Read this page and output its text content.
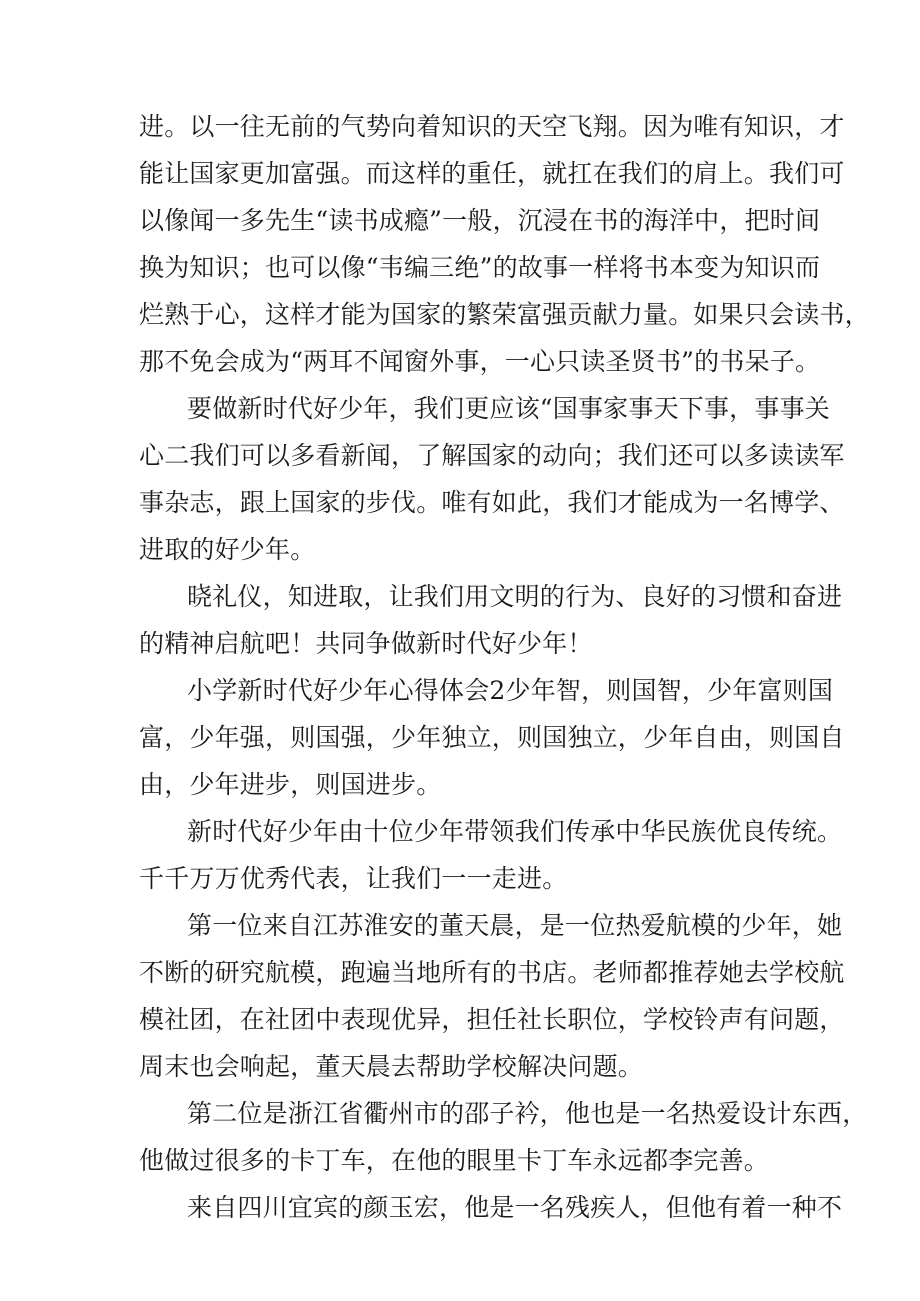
进。以一往无前的气势向着知识的天空飞翔。因为唯有知识，才
能让国家更加富强。而这样的重任，就扛在我们的肩上。我们可
以像闻一多先生“读书成瘾”一般，沉浸在书的海洋中，把时间
换为知识；也可以像“韦编三绝”的故事一样将书本变为知识而
烂熟于心，这样才能为国家的繁荣富强贡献力量。如果只会读书，
那不免会成为“两耳不闻窗外事，一心只读圣贤书”的书呆子。
要做新时代好少年，我们更应该“国事家事天下事，事事关
心二我们可以多看新闻，了解国家的动向；我们还可以多读读军
事杂志，跟上国家的步伐。唯有如此，我们才能成为一名博学、
进取的好少年。
晓礼仪，知进取，让我们用文明的行为、良好的习惯和奋进
的精神启航吧！共同争做新时代好少年！
小学新时代好少年心得体会2少年智，则国智，少年富则国
富，少年强，则国强，少年独立，则国独立，少年自由，则国自
由，少年进步，则国进步。
新时代好少年由十位少年带领我们传承中华民族优良传统。
千千万万优秀代表，让我们一一走进。
第一位来自江苏淮安的董天晨，是一位热爱航模的少年，她
不断的研究航模，跑遍当地所有的书店。老师都推荐她去学校航
模社团，在社团中表现优异，担任社长职位，学校铃声有问题，
周末也会响起，董天晨去帮助学校解决问题。
第二位是浙江省衢州市的邵子衿，他也是一名热爱设计东西，
他做过很多的卡丁车，在他的眼里卡丁车永远都李完善。
来自四川宜宾的颜玉宏，他是一名残疾人，但他有着一种不
